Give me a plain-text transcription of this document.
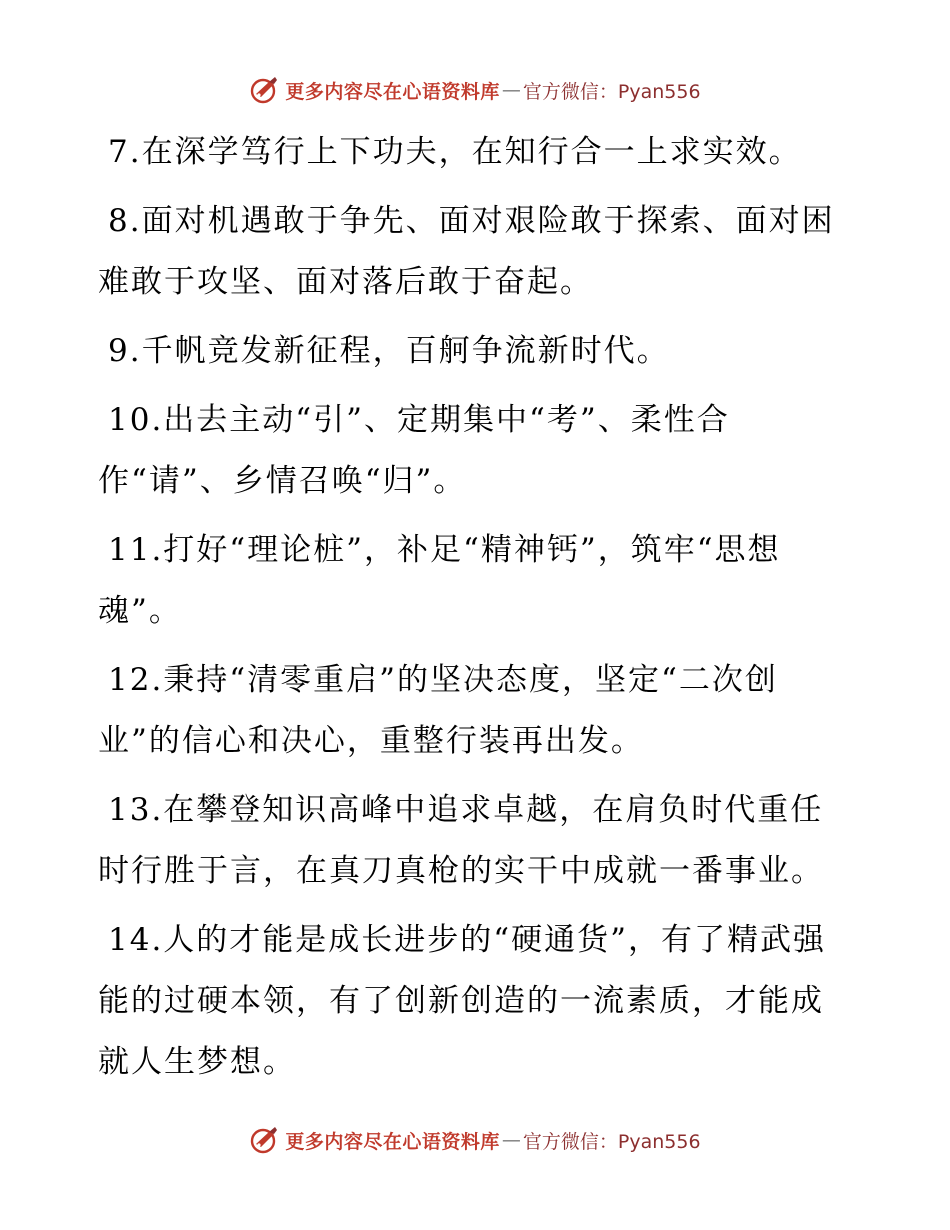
更多内容尽在心语资料库 — 官方微信：Pyan556

7.在深学笃行上下功夫，在知行合一上求实效。

8.面对机遇敢于争先、面对艰险敢于探索、面对困难敢于攻坚、面对落后敢于奋起。

9.千帆竞发新征程，百舸争流新时代。

10.出去主动“引”、定期集中“考”、柔性合作“请”、乡情召唤“归”。

11.打好“理论桩”，补足“精神钙”，筑牢“思想魂”。

12.秉持“清零重启”的坚决态度，坚定“二次创业”的信心和决心，重整行装再出发。

13.在攀登知识高峰中追求卓越，在肩负时代重任时行胜于言，在真刀真枪的实干中成就一番事业。

14.人的才能是成长进步的“硬通货”，有了精武强能的过硬本领，有了创新创造的一流素质，才能成就人生梦想。

更多内容尽在心语资料库 — 官方微信：Pyan556
